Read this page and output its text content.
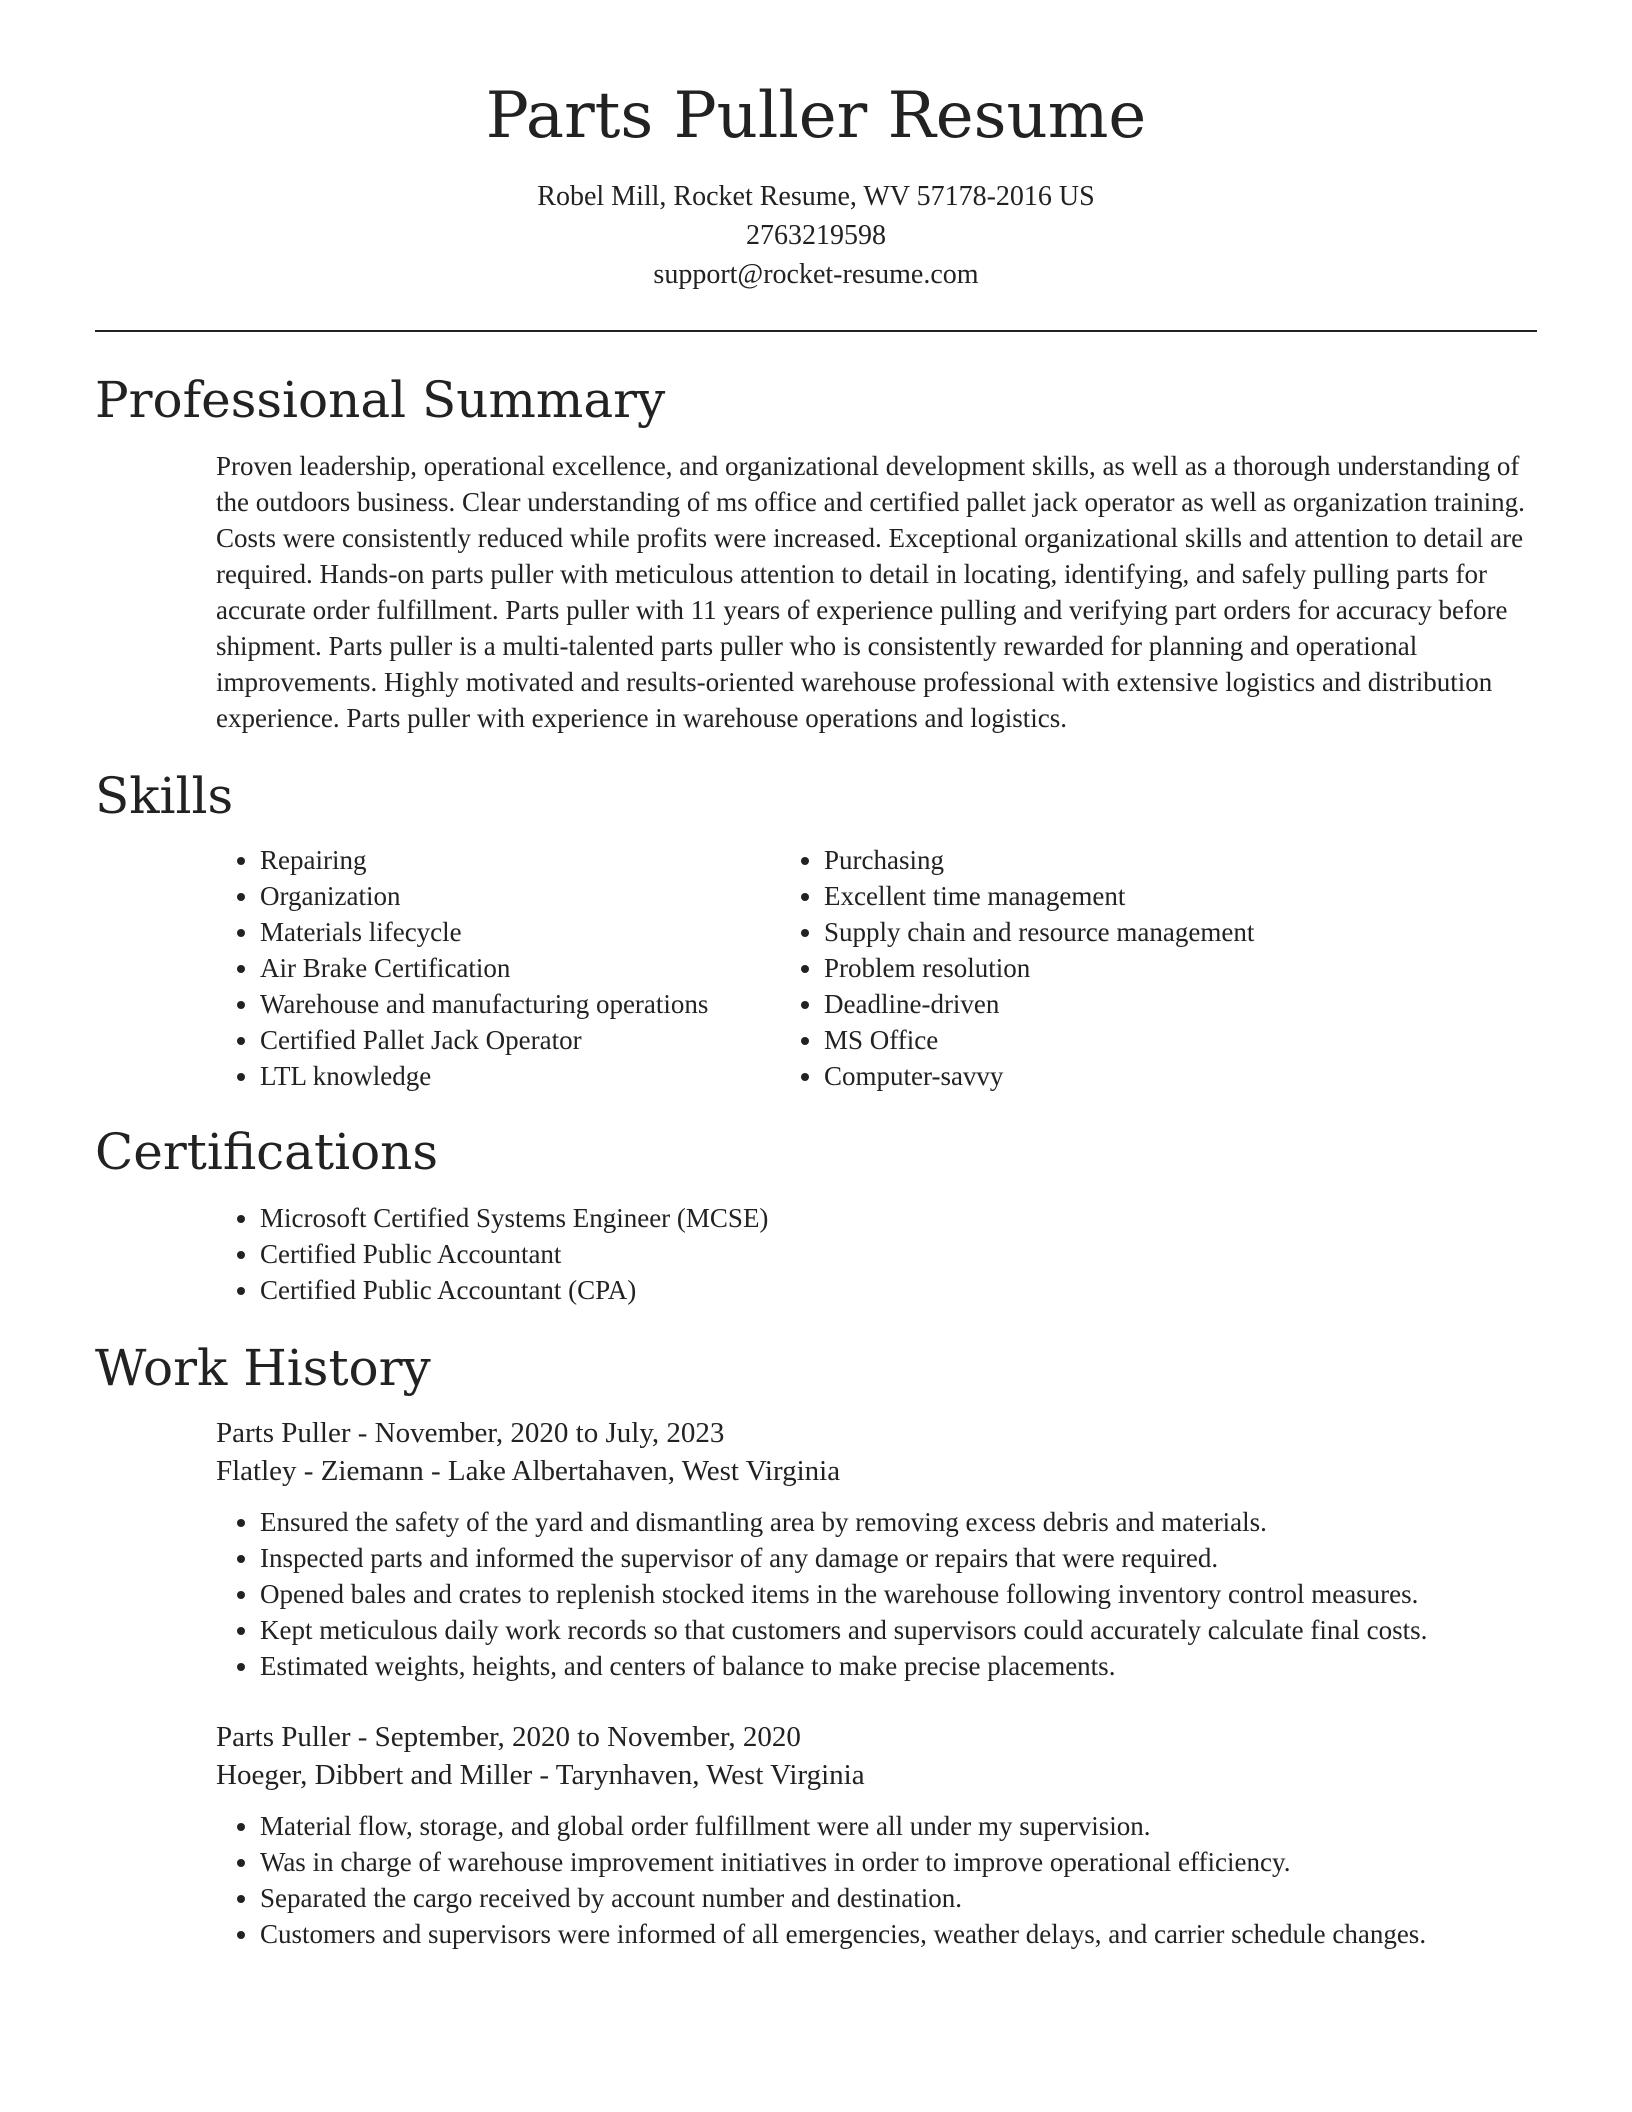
Parts Puller Resume
Robel Mill, Rocket Resume, WV 57178-2016 US
2763219598
support@rocket-resume.com
Professional Summary

Proven leadership, operational excellence, and organizational development skills, as well as a thorough understanding of the outdoors business. Clear understanding of ms office and certified pallet jack operator as well as organization training. Costs were consistently reduced while profits were increased. Exceptional organizational skills and attention to detail are required. Hands-on parts puller with meticulous attention to detail in locating, identifying, and safely pulling parts for accurate order fulfillment. Parts puller with 11 years of experience pulling and verifying part orders for accuracy before shipment. Parts puller is a multi-talented parts puller who is consistently rewarded for planning and operational improvements. Highly motivated and results-oriented warehouse professional with extensive logistics and distribution experience. Parts puller with experience in warehouse operations and logistics.

Skills
• Repairing
• Organization
• Materials lifecycle
• Air Brake Certification
• Warehouse and manufacturing operations
• Certified Pallet Jack Operator
• LTL knowledge
• Purchasing
• Excellent time management
• Supply chain and resource management
• Problem resolution
• Deadline-driven
• MS Office
• Computer-savvy
Certifications
• Microsoft Certified Systems Engineer (MCSE)
• Certified Public Accountant
• Certified Public Accountant (CPA)
Work History
Parts Puller - November, 2020 to July, 2023
Flatley - Ziemann - Lake Albertahaven, West Virginia
• Ensured the safety of the yard and dismantling area by removing excess debris and materials.
• Inspected parts and informed the supervisor of any damage or repairs that were required.
• Opened bales and crates to replenish stocked items in the warehouse following inventory control measures.
• Kept meticulous daily work records so that customers and supervisors could accurately calculate final costs.
• Estimated weights, heights, and centers of balance to make precise placements.
Parts Puller - September, 2020 to November, 2020
Hoeger, Dibbert and Miller - Tarynhaven, West Virginia
• Material flow, storage, and global order fulfillment were all under my supervision.
• Was in charge of warehouse improvement initiatives in order to improve operational efficiency.
• Separated the cargo received by account number and destination.
• Customers and supervisors were informed of all emergencies, weather delays, and carrier schedule changes.
